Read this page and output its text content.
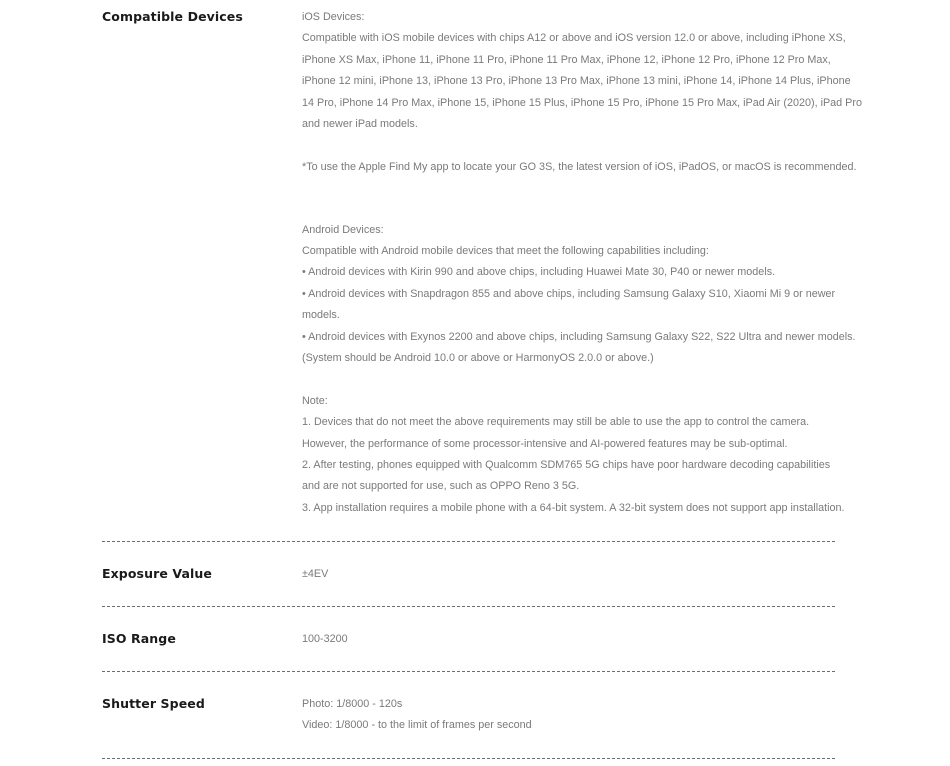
Compatible Devices	iOS Devices:
Compatible with iOS mobile devices with chips A12 or above and iOS version 12.0 or above, including iPhone XS,
iPhone XS Max, iPhone 11, iPhone 11 Pro, iPhone 11 Pro Max, iPhone 12, iPhone 12 Pro, iPhone 12 Pro Max,
iPhone 12 mini, iPhone 13, iPhone 13 Pro, iPhone 13 Pro Max, iPhone 13 mini, iPhone 14, iPhone 14 Plus, iPhone
14 Pro, iPhone 14 Pro Max, iPhone 15, iPhone 15 Plus, iPhone 15 Pro, iPhone 15 Pro Max, iPad Air (2020), iPad Pro
and newer iPad models.
*To use the Apple Find My app to locate your GO 3S, the latest version of iOS, iPadOS, or macOS is recommended.
Android Devices:
Compatible with Android mobile devices that meet the following capabilities including:
• Android devices with Kirin 990 and above chips, including Huawei Mate 30, P40 or newer models.
• Android devices with Snapdragon 855 and above chips, including Samsung Galaxy S10, Xiaomi Mi 9 or newer
models.
• Android devices with Exynos 2200 and above chips, including Samsung Galaxy S22, S22 Ultra and newer models.
(System should be Android 10.0 or above or HarmonyOS 2.0.0 or above.)
Note:
1. Devices that do not meet the above requirements may still be able to use the app to control the camera.
However, the performance of some processor-intensive and AI-powered features may be sub-optimal.
2. After testing, phones equipped with Qualcomm SDM765 5G chips have poor hardware decoding capabilities
and are not supported for use, such as OPPO Reno 3 5G.
3. App installation requires a mobile phone with a 64-bit system. A 32-bit system does not support app installation.
Exposure Value	±4EV
ISO Range	100-3200
Shutter Speed	Photo: 1/8000 - 120s
Video: 1/8000 - to the limit of frames per second
